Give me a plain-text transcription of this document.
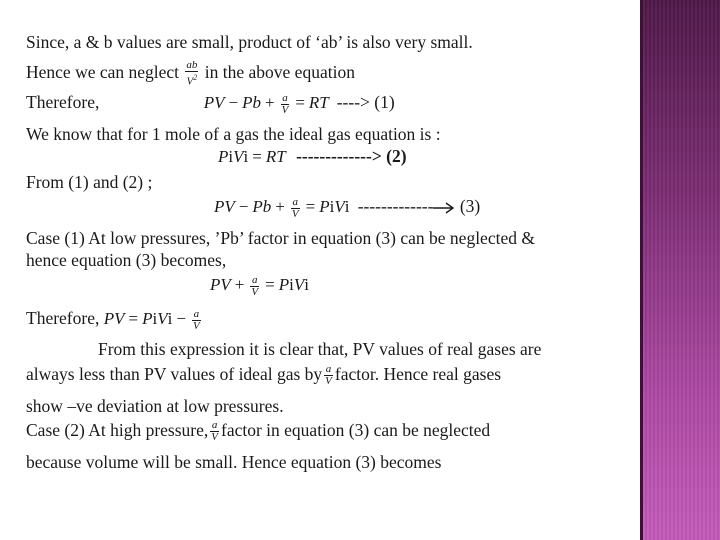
Since, a & b values are small, product of ‘ab’ is also very small.
Hence we can neglect $\frac{ab}{V^2}$ in the above equation
Therefore,	PV − $Pb + \frac{a}{V}$ = RT ----> (1)
We know that for 1 mole of a gas the ideal gas equation is :
PiVi = RT -------------> (2)
From (1) and (2) ;
PV − $Pb + \frac{a}{V}$ = PiVi ------------- (3)
Case (1) At low pressures, ’Pb’ factor in equation (3) can be neglected &
hence equation (3) becomes,
PV + $\frac{a}{V}$ = PiVi
Therefore, PV = PiVi − $\frac{a}{V}$
From this expression it is clear that, PV values of real gases are
always less than PV values of ideal gas by $\frac{a}{V}$ factor. Hence real gases
show –ve deviation at low pressures.
Case (2) At high pressure, $\frac{a}{V}$ factor in equation (3) can be neglected
because volume will be small. Hence equation (3) becomes
